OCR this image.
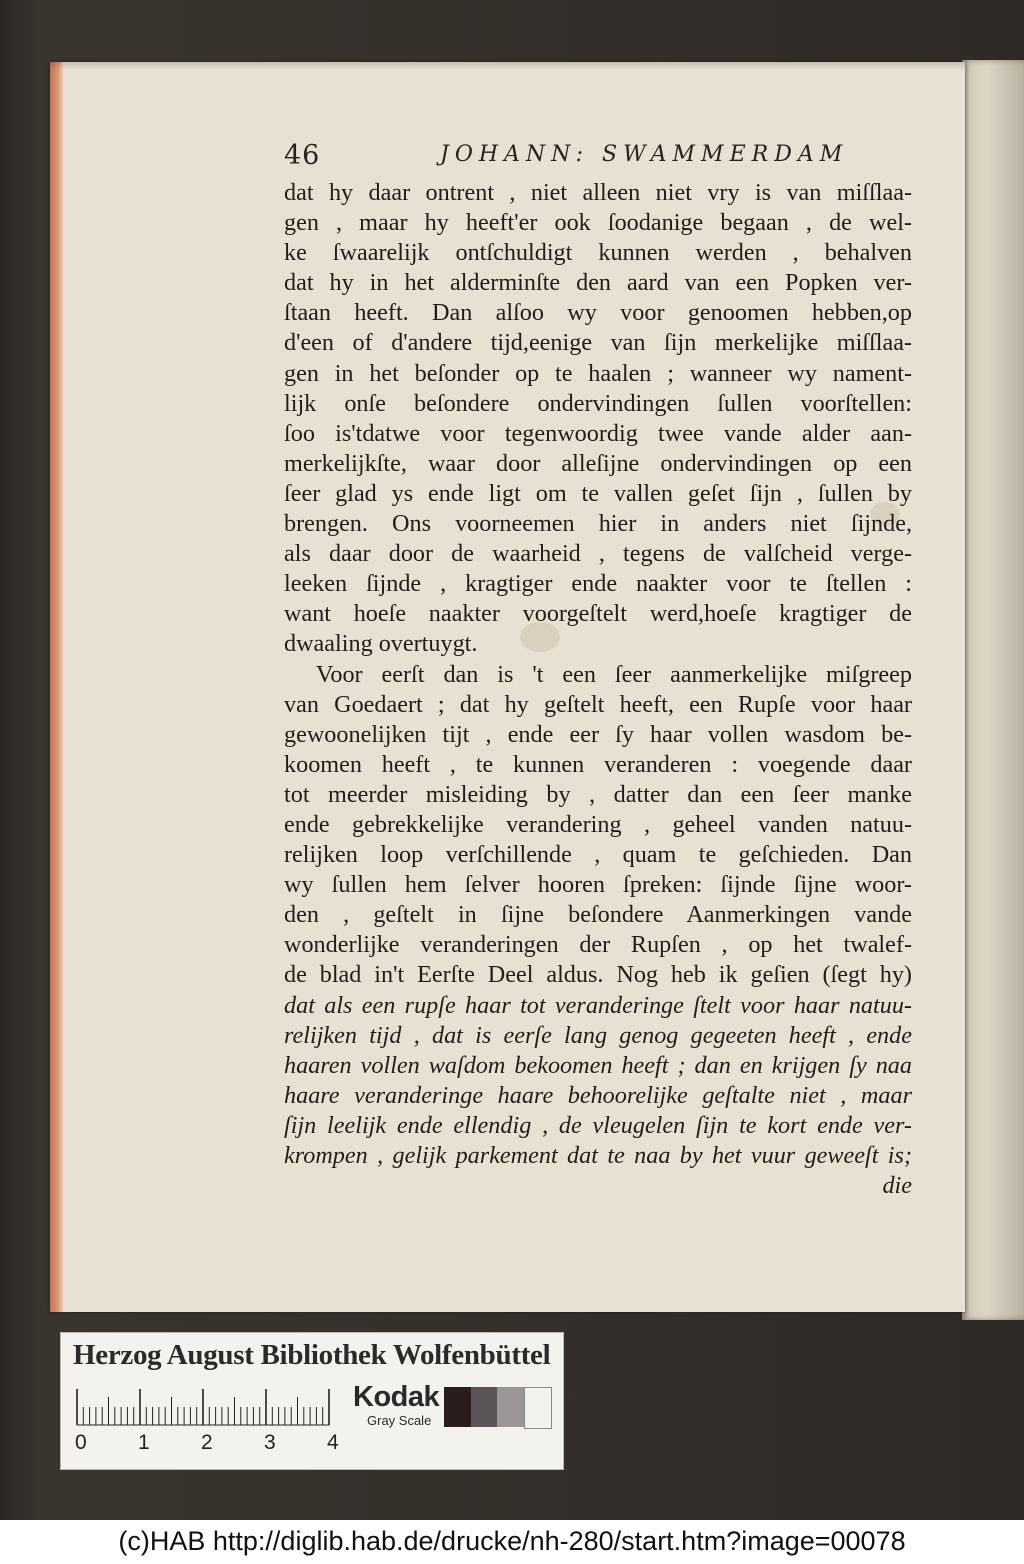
46	JOHANN: SWAMMERDAM
dat hy daar ontrent , niet alleen niet vry is van miſſlaa-
gen , maar hy heeft'er ook ſoodanige begaan , de wel-
ke ſwaarelijk ontſchuldigt kunnen werden , behalven
dat hy in het alderminſte den aard van een Popken ver-
ſtaan heeft. Dan alſoo wy voor genoomen hebben,op
d'een of d'andere tijd,eenige van ſijn merkelijke miſſlaa-
gen in het beſonder op te haalen ; wanneer wy nament-
lijk onſe beſondere ondervindingen ſullen voorſtellen:
ſoo is'tdatwe voor tegenwoordig twee vande alder aan-
merkelijkſte, waar door alleſijne ondervindingen op een
ſeer glad ys ende ligt om te vallen geſet ſijn , ſullen by
brengen. Ons voorneemen hier in anders niet ſijnde,
als daar door de waarheid , tegens de valſcheid verge-
leeken ſijnde , kragtiger ende naakter voor te ſtellen :
want hoeſe naakter voorgeſtelt werd,hoeſe kragtiger de
dwaaling overtuygt.
Voor eerſt dan is 't een ſeer aanmerkelijke miſgreep
van Goedaert ; dat hy geſtelt heeft, een Rupſe voor haar
gewoonelijken tijt , ende eer ſy haar vollen wasdom be-
koomen heeft , te kunnen veranderen : voegende daar
tot meerder misleiding by , datter dan een ſeer manke
ende gebrekkelijke verandering , geheel vanden natuu-
relijken loop verſchillende , quam te geſchieden. Dan
wy ſullen hem ſelver hooren ſpreken: ſijnde ſijne woor-
den , geſtelt in ſijne beſondere Aanmerkingen vande
wonderlijke veranderingen der Rupſen , op het twalef-
de blad in't Eerſte Deel aldus. Nog heb ik geſien (ſegt hy)
dat als een rupſe haar tot veranderinge ſtelt voor haar natuu-
relijken tijd , dat is eerſe lang genog gegeeten heeft , ende
haaren vollen waſdom bekoomen heeft ; dan en krijgen ſy naa
haare veranderinge haare behoorelijke geſtalte niet , maar
ſijn leelijk ende ellendig , de vleugelen ſijn te kort ende ver-
krompen , gelijk parkement dat te naa by het vuur geweeſt is;
die
Herzog August Bibliothek Wolfenbüttel
0 1 2 3 4
Kodak
Gray Scale
(c)HAB http://diglib.hab.de/drucke/nh-280/start.htm?image=00078
